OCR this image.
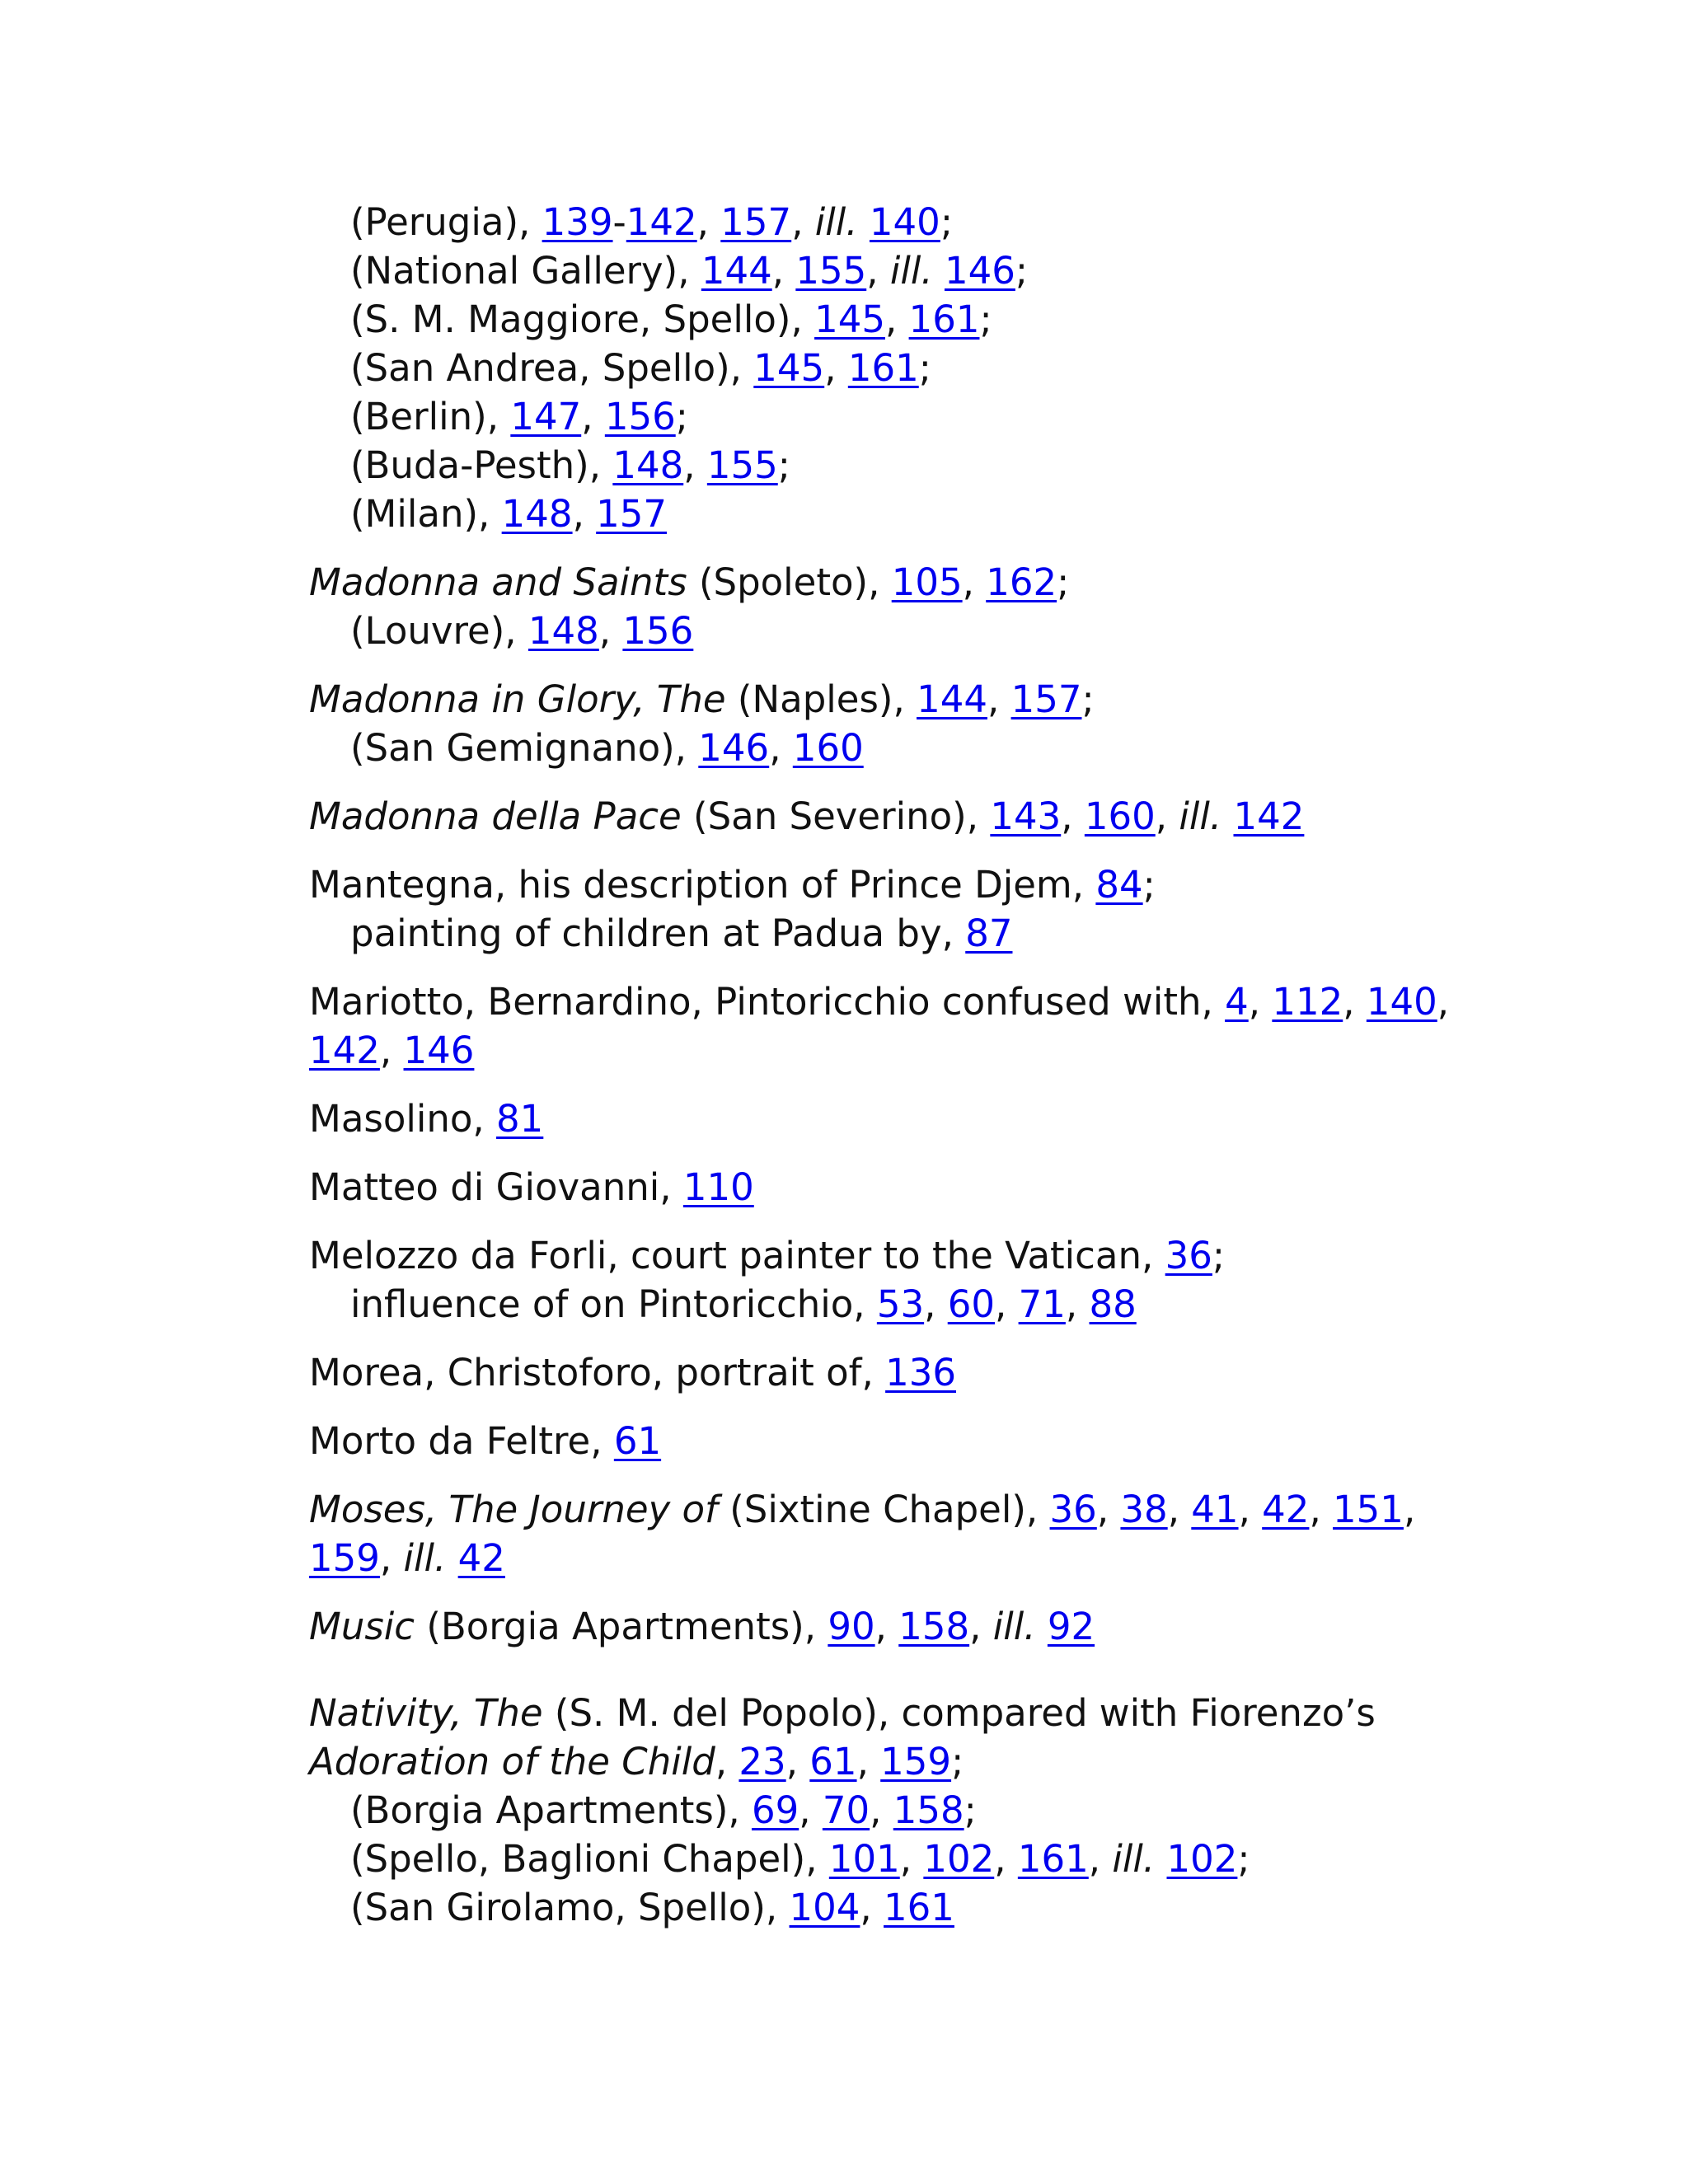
(Perugia), 139-142, 157, ill. 140;
(National Gallery), 144, 155, ill. 146;
(S. M. Maggiore, Spello), 145, 161;
(San Andrea, Spello), 145, 161;
(Berlin), 147, 156;
(Buda-Pesth), 148, 155;
(Milan), 148, 157
Madonna and Saints (Spoleto), 105, 162;
(Louvre), 148, 156
Madonna in Glory, The (Naples), 144, 157;
(San Gemignano), 146, 160
Madonna della Pace (San Severino), 143, 160, ill. 142
Mantegna, his description of Prince Djem, 84;
painting of children at Padua by, 87
Mariotto, Bernardino, Pintoricchio confused with, 4, 112, 140,
142, 146
Masolino, 81
Matteo di Giovanni, 110
Melozzo da Forli, court painter to the Vatican, 36;
influence of on Pintoricchio, 53, 60, 71, 88
Morea, Christoforo, portrait of, 136
Morto da Feltre, 61
Moses, The Journey of (Sixtine Chapel), 36, 38, 41, 42, 151,
159, ill. 42
Music (Borgia Apartments), 90, 158, ill. 92
Nativity, The (S. M. del Popolo), compared with Fiorenzo’s
Adoration of the Child, 23, 61, 159;
(Borgia Apartments), 69, 70, 158;
(Spello, Baglioni Chapel), 101, 102, 161, ill. 102;
(San Girolamo, Spello), 104, 161
